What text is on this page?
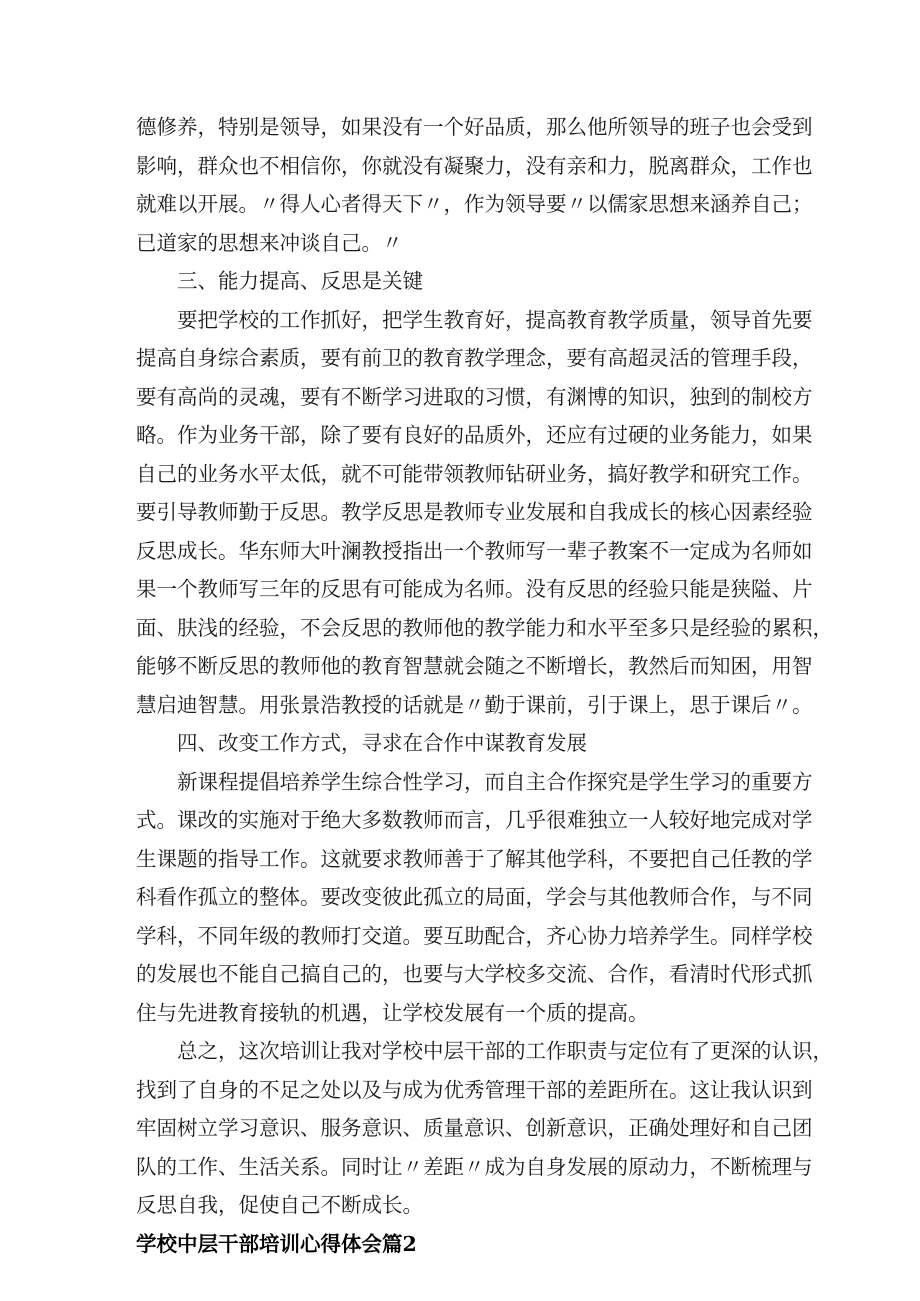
德修养，特别是领导，如果没有一个好品质，那么他所领导的班子也会受到
影响，群众也不相信你，你就没有凝聚力，没有亲和力，脱离群众，工作也
就难以开展。〃得人心者得天下〃，作为领导要〃以儒家思想来涵养自己；
已道家的思想来冲谈自己。〃
三、能力提高、反思是关键
要把学校的工作抓好，把学生教育好，提高教育教学质量，领导首先要
提高自身综合素质，要有前卫的教育教学理念，要有高超灵活的管理手段，
要有高尚的灵魂，要有不断学习进取的习惯，有渊博的知识，独到的制校方
略。作为业务干部，除了要有良好的品质外，还应有过硬的业务能力，如果
自己的业务水平太低，就不可能带领教师钻研业务，搞好教学和研究工作。
要引导教师勤于反思。教学反思是教师专业发展和自我成长的核心因素经验
反思成长。华东师大叶澜教授指出一个教师写一辈子教案不一定成为名师如
果一个教师写三年的反思有可能成为名师。没有反思的经验只能是狭隘、片
面、肤浅的经验，不会反思的教师他的教学能力和水平至多只是经验的累积，
能够不断反思的教师他的教育智慧就会随之不断增长，教然后而知困，用智
慧启迪智慧。用张景浩教授的话就是〃勤于课前，引于课上，思于课后〃。
四、改变工作方式，寻求在合作中谋教育发展
新课程提倡培养学生综合性学习，而自主合作探究是学生学习的重要方
式。课改的实施对于绝大多数教师而言，几乎很难独立一人较好地完成对学
生课题的指导工作。这就要求教师善于了解其他学科，不要把自己任教的学
科看作孤立的整体。要改变彼此孤立的局面，学会与其他教师合作，与不同
学科，不同年级的教师打交道。要互助配合，齐心协力培养学生。同样学校
的发展也不能自己搞自己的，也要与大学校多交流、合作，看清时代形式抓
住与先进教育接轨的机遇，让学校发展有一个质的提高。
总之，这次培训让我对学校中层干部的工作职责与定位有了更深的认识，
找到了自身的不足之处以及与成为优秀管理干部的差距所在。这让我认识到
牢固树立学习意识、服务意识、质量意识、创新意识，正确处理好和自己团
队的工作、生活关系。同时让〃差距〃成为自身发展的原动力，不断梳理与
反思自我，促使自己不断成长。
学校中层干部培训心得体会篇2
